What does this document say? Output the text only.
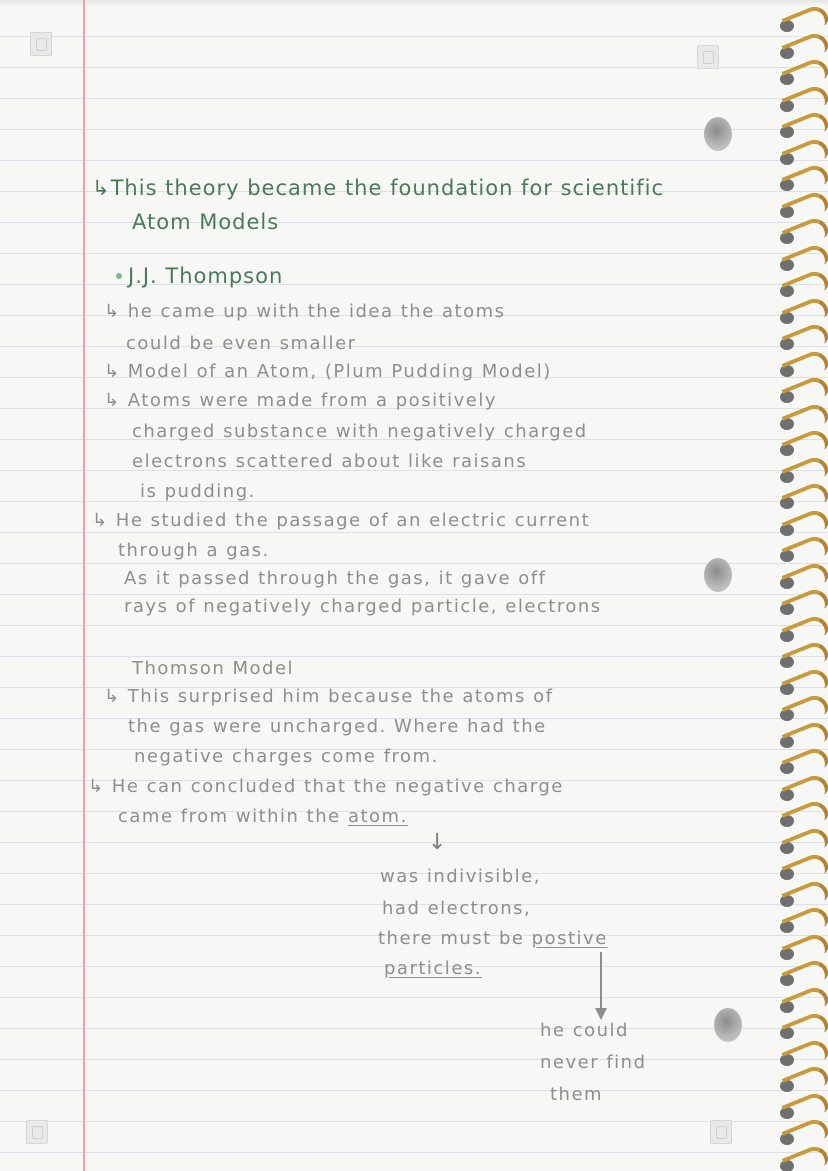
↳This theory became the foundation for scientific
Atom Models
J.J. Thompson
↳ he came up with the idea the atoms
could be even smaller
↳ Model of an Atom, (Plum Pudding Model)
↳ Atoms were made from a positively
charged substance with negatively charged
electrons scattered about like raisans
is pudding.
↳ He studied the passage of an electric current
through a gas.
As it passed through the gas, it gave off
rays of negatively charged particle, electrons
Thomson Model
↳ This surprised him because the atoms of
the gas were uncharged. Where had the
negative charges come from.
↳ He can concluded that the negative charge
came from within the atom.
↓
was indivisible,
had electrons,
there must be postive
particles.
he could
never find
them
